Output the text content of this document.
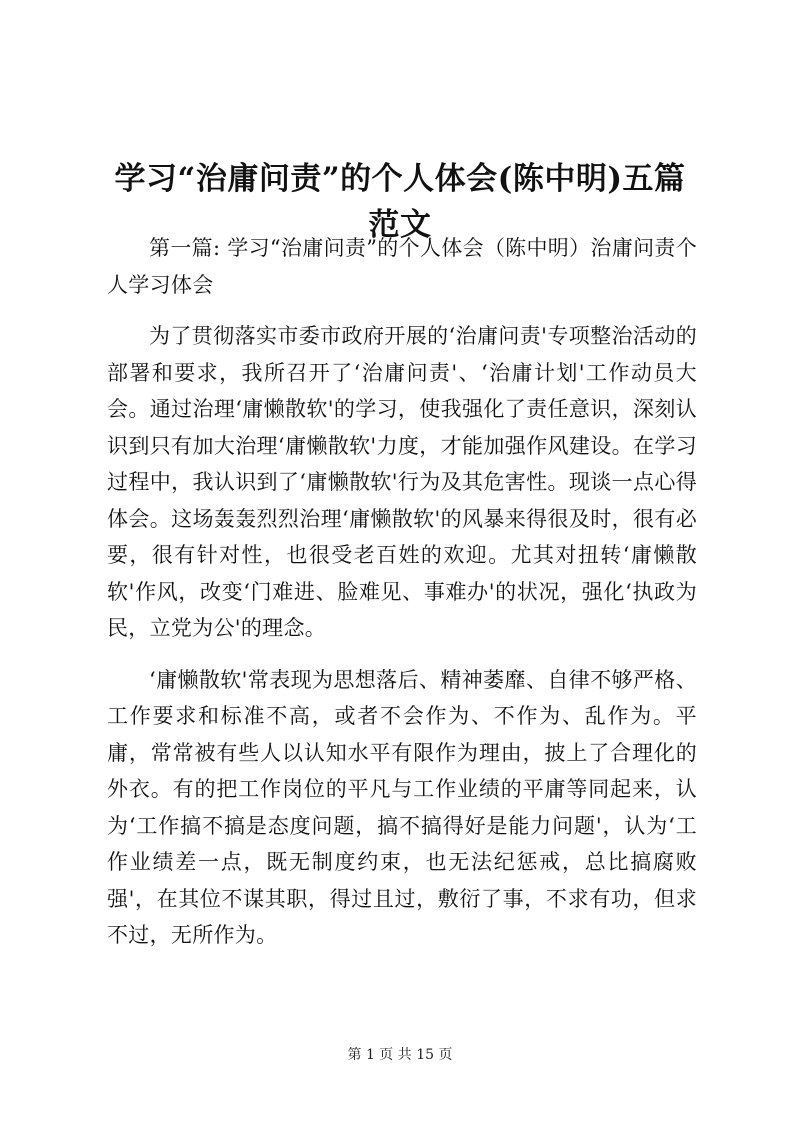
学习“治庸问责”的个人体会(陈中明)五篇范文

第一篇: 学习“治庸问责”的个人体会（陈中明）治庸问责个人学习体会

为了贯彻落实市委市政府开展的‘治庸问责'专项整治活动的部署和要求，我所召开了‘治庸问责'、‘治庸计划'工作动员大会。通过治理‘庸懒散软'的学习，使我强化了责任意识，深刻认识到只有加大治理‘庸懒散软'力度，才能加强作风建设。在学习过程中，我认识到了‘庸懒散软'行为及其危害性。现谈一点心得体会。这场轰轰烈烈治理‘庸懒散软'的风暴来得很及时，很有必要，很有针对性，也很受老百姓的欢迎。尤其对扭转‘庸懒散软'作风，改变‘门难进、脸难见、事难办'的状况，强化‘执政为民，立党为公'的理念。

‘庸懒散软'常表现为思想落后、精神萎靡、自律不够严格、工作要求和标准不高，或者不会作为、不作为、乱作为。平庸，常常被有些人以认知水平有限作为理由，披上了合理化的外衣。有的把工作岗位的平凡与工作业绩的平庸等同起来，认为‘工作搞不搞是态度问题，搞不搞得好是能力问题'，认为‘工作业绩差一点，既无制度约束，也无法纪惩戒，总比搞腐败强'，在其位不谋其职，得过且过，敷衍了事，不求有功，但求不过，无所作为。

第 1 页 共 15 页
